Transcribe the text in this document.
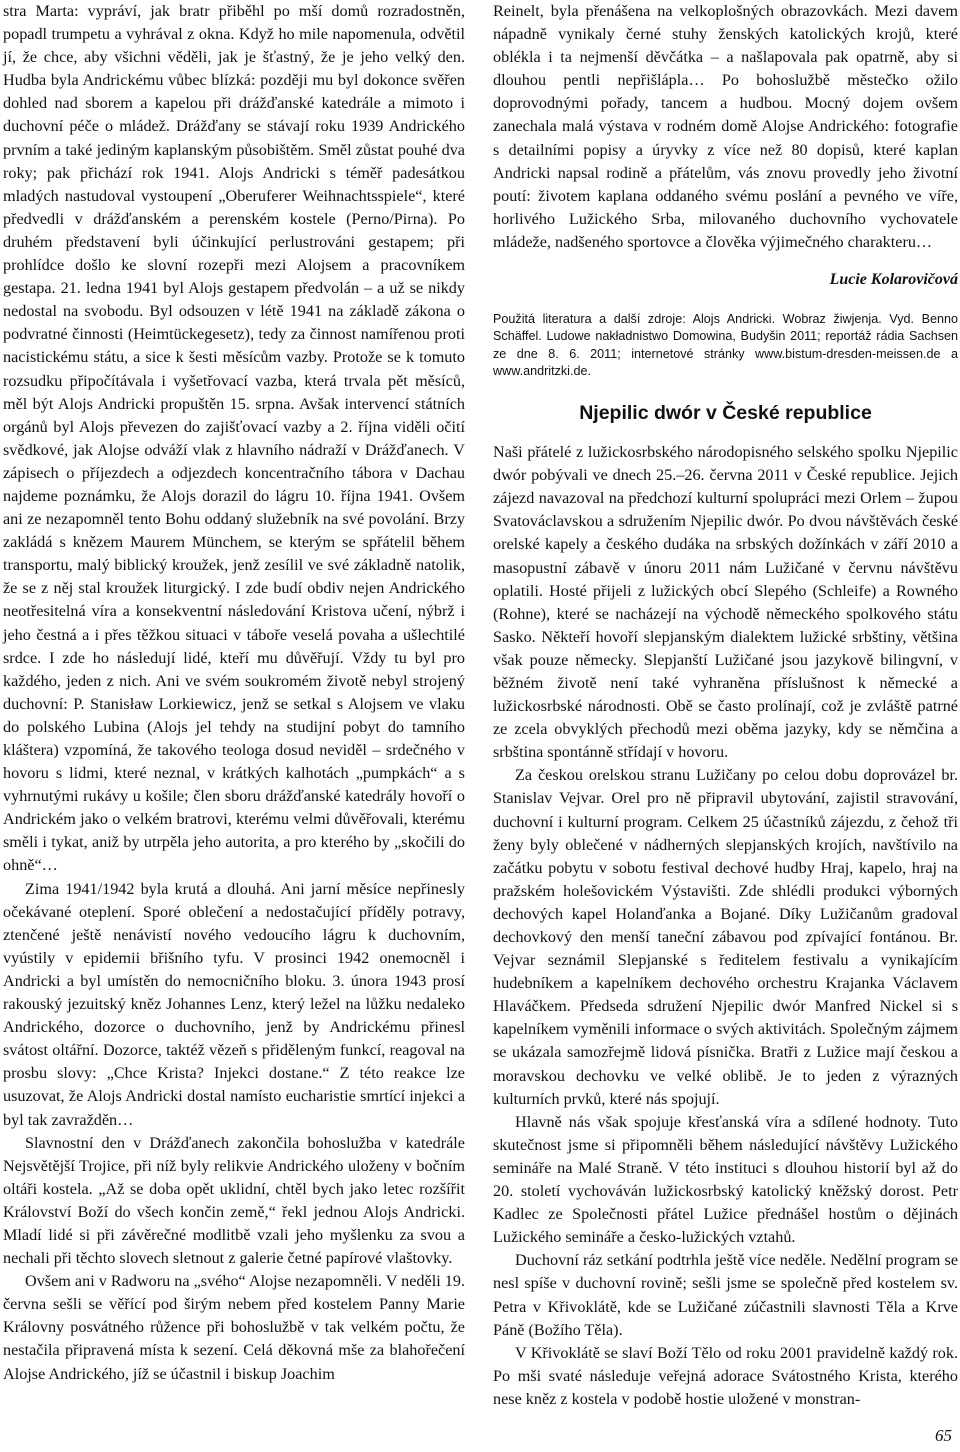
stra Marta: vypráví, jak bratr přiběhl po mší domů rozradostněn, popadl trumpetu a vyhrával z okna. Když ho mile napomenula, odvětil jí, že chce, aby všichni věděli, jak je šťastný, že je jeho velký den. Hudba byla Andrickému vůbec blízká: později mu byl dokonce svěřen dohled nad sborem a kapelou při drážďanské katedrále a mimoto i duchovní péče o mládež. Drážďany se stávají roku 1939 Andrického prvním a také jediným kaplanským působištěm. Směl zůstat pouhé dva roky; pak přichází rok 1941. Alojs Andricki s téměř padesátkou mladých nastudoval vystoupení „Oberuferer Weihnachtsspiele“, které předvedli v drážďanském a perenském kostele (Perno/Pirna). Po druhém představení byli účinkující perlustrováni gestapem; při prohlídce došlo ke slovní rozepři mezi Alojsem a pracovníkem gestapa. 21. ledna 1941 byl Alojs gestapem předvolán – a už se nikdy nedostal na svobodu. Byl odsouzen v létě 1941 na základě zákona o podvratné činnosti (Heimtückegesetz), tedy za činnost namířenou proti nacistickému státu, a sice k šesti měsícům vazby. Protože se k tomuto rozsudku připočítávala i vyšetřovací vazba, která trvala pět měsíců, měl být Alojs Andricki propuštěn 15. srpna. Avšak intervencí státních orgánů byl Alojs převezen do zajišťovací vazby a 2. října viděli očití svědkové, jak Alojse odváží vlak z hlavního nádraží v Drážďanech. V zápisech o příjezdech a odjezdech koncentračního tábora v Dachau najdeme poznámku, že Alojs dorazil do lágru 10. října 1941. Ovšem ani ze nezapomněl tento Bohu oddaný služebník na své povolání. Brzy zakládá s knězem Maurem Münchem, se kterým se spřátelil během transportu, malý biblický kroužek, jenž zesílil ve své základně natolik, že se z něj stal kroužek liturgický. I zde budí obdiv nejen Andrického neotřesitelná víra a konsekventní následování Kristova učení, nýbrž i jeho čestná a i přes těžkou situaci v táboře veselá povaha a ušlechtilé srdce. I zde ho následují lidé, kteří mu důvěřují. Vždy tu byl pro každého, jeden z nich. Ani ve svém soukromém životě nebyl strojený duchovní: P. Stanisław Lorkiewicz, jenž se setkal s Alojsem ve vlaku do polského Lubina (Alojs jel tehdy na studijní pobyt do tamního kláštera) vzpomíná, že takového teologa dosud neviděl – srdečného v hovoru s lidmi, které neznal, v krátkých kalhotách „pumpkách“ a s vyhrnutými rukávy u košile; člen sboru drážďanské katedrály hovoří o Andrickém jako o velkém bratrovi, kterému velmi důvěřovali, kterému směli i tykat, aniž by utrpěla jeho autorita, a pro kterého by „skočili do ohně“…

Zima 1941/1942 byla krutá a dlouhá. Ani jarní měsíce nepřinesly očekávané oteplení. Sporé oblečení a nedostačující příděly potravy, ztenčené ještě nenávistí nového vedoucího lágru k duchovním, vyústily v epidemii břišního tyfu. V prosinci 1942 onemocněl i Andricki a byl umístěn do nemocničního bloku. 3. února 1943 prosí rakouský jezuitský kněz Johannes Lenz, který ležel na lůžku nedaleko Andrického, dozorce o duchovního, jenž by Andrickému přinesl svátost oltářní. Dozorce, taktéž vězeň s přiděleným funkcí, reagoval na prosbu slovy: „Chce Krista? Injekci dostane.“ Z této reakce lze usuzovat, že Alojs Andricki dostal namísto eucharistie smrtící injekci a byl tak zavražděn…

Slavnostní den v Drážďanech zakončila bohoslužba v katedrále Nejsvětější Trojice, při níž byly relikvie Andrického uloženy v bočním oltáři kostela. „Až se doba opět uklidní, chtěl bych jako letec rozšířit Království Boží do všech končin země,“ řekl jednou Alojs Andricki. Mladí lidé si při závěrečné modlitbě vzali jeho myšlenku za svou a nechali při těchto slovech sletnout z galerie četné papírové vlaštovky.

Ovšem ani v Radworu na „svého“ Alojse nezapomněli. V neděli 19. června sešli se věřící pod širým nebem před kostelem Panny Marie Královny posvátného růžence při bohoslužbě v tak velkém počtu, že nestačila připravená místa k sezení. Celá děkovná mše za blahořečení Alojse Andrického, jíž se účastnil i biskup Joachim

Reinelt, byla přenášena na velkoplošných obrazovkách. Mezi davem nápadně vynikaly černé stuhy ženských katolických krojů, které oblékla i ta nejmenší děvčátka – a našlapovala pak opatrně, aby si dlouhou pentli nepřišlápla… Po bohoslužbě městečko ožilo doprovodnými pořady, tancem a hudbou. Mocný dojem ovšem zanechala malá výstava v rodném domě Alojse Andrického: fotografie s detailními popisy a úryvky z více než 80 dopisů, které kaplan Andricki napsal rodině a přátelům, vás znovu provedly jeho životní poutí: životem kaplana oddaného svému poslání a pevného ve víře, horlivého Lužického Srba, milovaného duchovního vychovatele mládeže, nadšeného sportovce a člověka výjimečného charakteru…

Lucie Kolarovičová
Použitá literatura a další zdroje: Alojs Andricki. Wobraz žiwjenja. Vyd. Benno Schäffel. Ludowe nakładnistwo Domowina, Budyšin 2011; reportáž rádia Sachsen ze dne 8. 6. 2011; internetové stránky www.bistum-dresden-meissen.de a www.andritzki.de.
Njepilic dwór v České republice

Naši přátelé z lužickosrbského národopisného selského spolku Njepilic dwór pobývali ve dnech 25.–26. června 2011 v České republice. Jejich zájezd navazoval na předchozí kulturní spolupráci mezi Orlem – župou Svatováclavskou a sdružením Njepilic dwór. Po dvou návštěvách české orelské kapely a českého dudáka na srbských dožínkách v září 2010 a masopustní zábavě v únoru 2011 nám Lužičané v červnu návštěvu oplatili. Hosté přijeli z lužických obcí Slepého (Schleife) a Rowného (Rohne), které se nacházejí na východě německého spolkového státu Sasko. Někteří hovoří slepjanským dialektem lužické srbštiny, většina však pouze německy. Slepjanští Lužičané jsou jazykově bilingvní, v běžném životě není také vyhraněna příslušnost k německé a lužickosrbské národnosti. Obě se často prolínají, což je zvláště patrné ze zcela obvyklých přechodů mezi oběma jazyky, kdy se němčina a srbština spontánně střídají v hovoru.

Za českou orelskou stranu Lužičany po celou dobu doprovázel br. Stanislav Vejvar. Orel pro ně připravil ubytování, zajistil stravování, duchovní i kulturní program. Celkem 25 účastníků zájezdu, z čehož tři ženy byly oblečené v nádherných slepjanských krojích, navštívilo na začátku pobytu v sobotu festival dechové hudby Hraj, kapelo, hraj na pražském holešovickém Výstavišti. Zde shlédli produkci výborných dechových kapel Holanďanka a Bojané. Díky Lužičanům gradoval dechovkový den menší taneční zábavou pod zpívající fontánou. Br. Vejvar seznámil Slepjanské s ředitelem festivalu a vynikajícím hudebníkem a kapelníkem dechového orchestru Krajanka Václavem Hlaváčkem. Předseda sdružení Njepilic dwór Manfred Nickel si s kapelníkem vyměnili informace o svých aktivitách. Společným zájmem se ukázala samozřejmě lidová písnička. Bratři z Lužice mají českou a moravskou dechovku ve velké oblibě. Je to jeden z výrazných kulturních prvků, které nás spojují.

Hlavně nás však spojuje křesťanská víra a sdílené hodnoty. Tuto skutečnost jsme si připomněli během následující návštěvy Lužického semináře na Malé Straně. V této instituci s dlouhou historií byl až do 20. století vychováván lužickosrbský katolický kněžský dorost. Petr Kadlec ze Společnosti přátel Lužice přednášel hostům o dějinách Lužického semináře a česko-lužických vztahů.

Duchovní ráz setkání podtrhla ještě více neděle. Nedělní program se nesl spíše v duchovní rovině; sešli jsme se společně před kostelem sv. Petra v Křivoklátě, kde se Lužičané zúčastnili slavnosti Těla a Krve Páně (Božího Těla).

V Křivoklátě se slaví Boží Tělo od roku 2001 pravidelně každý rok. Po mši svaté následuje veřejná adorace Svátostného Krista, kterého nese kněz z kostela v podobě hostie uložené v monstran-

65
